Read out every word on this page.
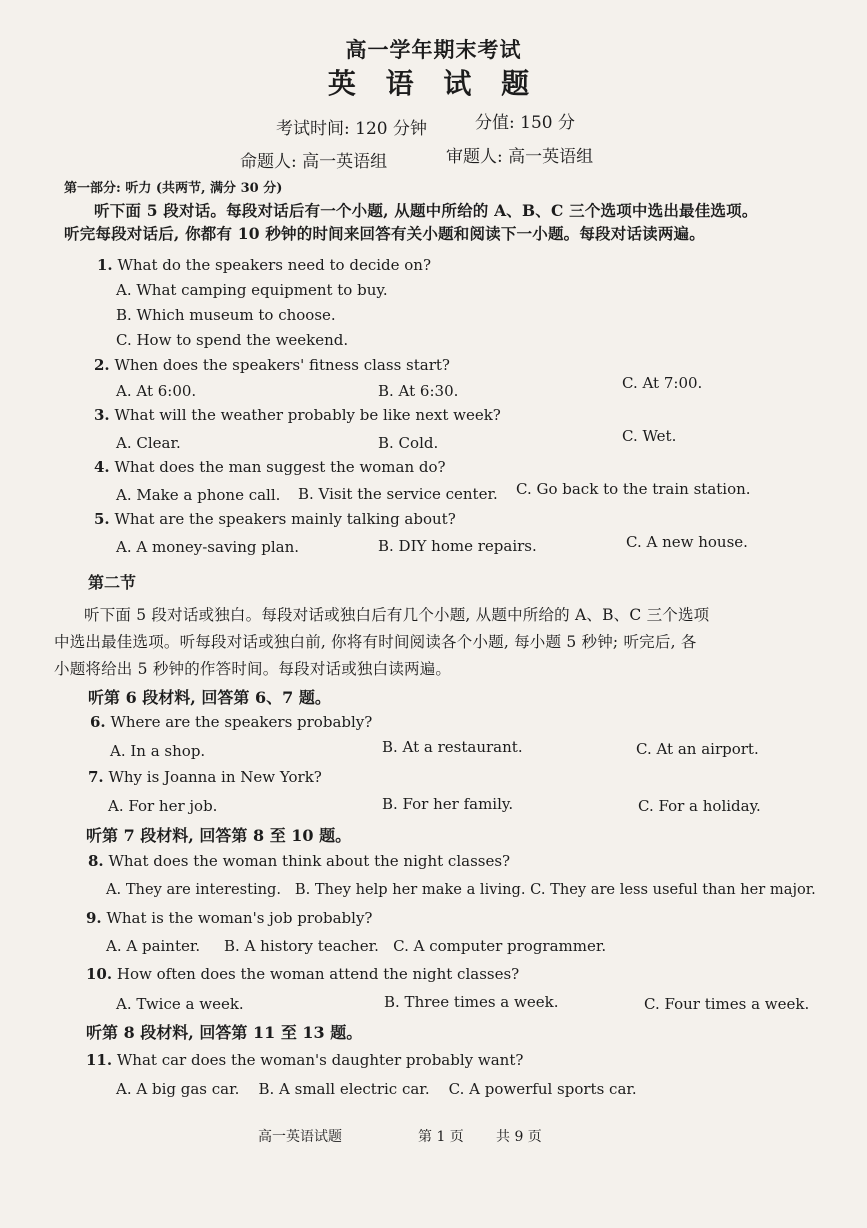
高一学年期末考试
英 语 试 题
考试时间: 120 分钟	分值: 150 分
命题人: 高一英语组	审题人: 高一英语组
第一部分: 听力 (共两节, 满分 30 分)
听下面 5 段对话。每段对话后有一个小题, 从题中所给的 A、B、C 三个选项中选出最佳选项。
听完每段对话后, 你都有 10 秒钟的时间来回答有关小题和阅读下一小题。每段对话读两遍。
1. What do the speakers need to decide on?
A. What camping equipment to buy.
B. Which museum to choose.
C. How to spend the weekend.
2. When does the speakers' fitness class start?
A. At 6:00.	B. At 6:30.	C. At 7:00.
3. What will the weather probably be like next week?
A. Clear.	B. Cold.	C. Wet.
4. What does the man suggest the woman do?
A. Make a phone call. B. Visit the service center. C. Go back to the train station.
5. What are the speakers mainly talking about?
A. A money-saving plan.	B. DIY home repairs.	C. A new house.
第二节
听下面 5 段对话或独白。每段对话或独白后有几个小题, 从题中所给的 A、B、C 三个选项
中选出最佳选项。听每段对话或独白前, 你将有时间阅读各个小题, 每小题 5 秒钟; 听完后, 各
小题将给出 5 秒钟的作答时间。每段对话或独白读两遍。
听第 6 段材料, 回答第 6、7 题。
6. Where are the speakers probably?
A. In a shop.	B. At a restaurant.	C. At an airport.
7. Why is Joanna in New York?
A. For her job.	B. For her family.	C. For a holiday.
听第 7 段材料, 回答第 8 至 10 题。
8. What does the woman think about the night classes?
A. They are interesting.   B. They help her make a living. C. They are less useful than her major.
9. What is the woman's job probably?
A. A painter.     B. A history teacher.   C. A computer programmer.
10. How often does the woman attend the night classes?
A. Twice a week.	B. Three times a week.	C. Four times a week.
听第 8 段材料, 回答第 11 至 13 题。
11. What car does the woman's daughter probably want?
A. A big gas car.    B. A small electric car.    C. A powerful sports car.
高一英语试题	第 1 页 共 9 页
